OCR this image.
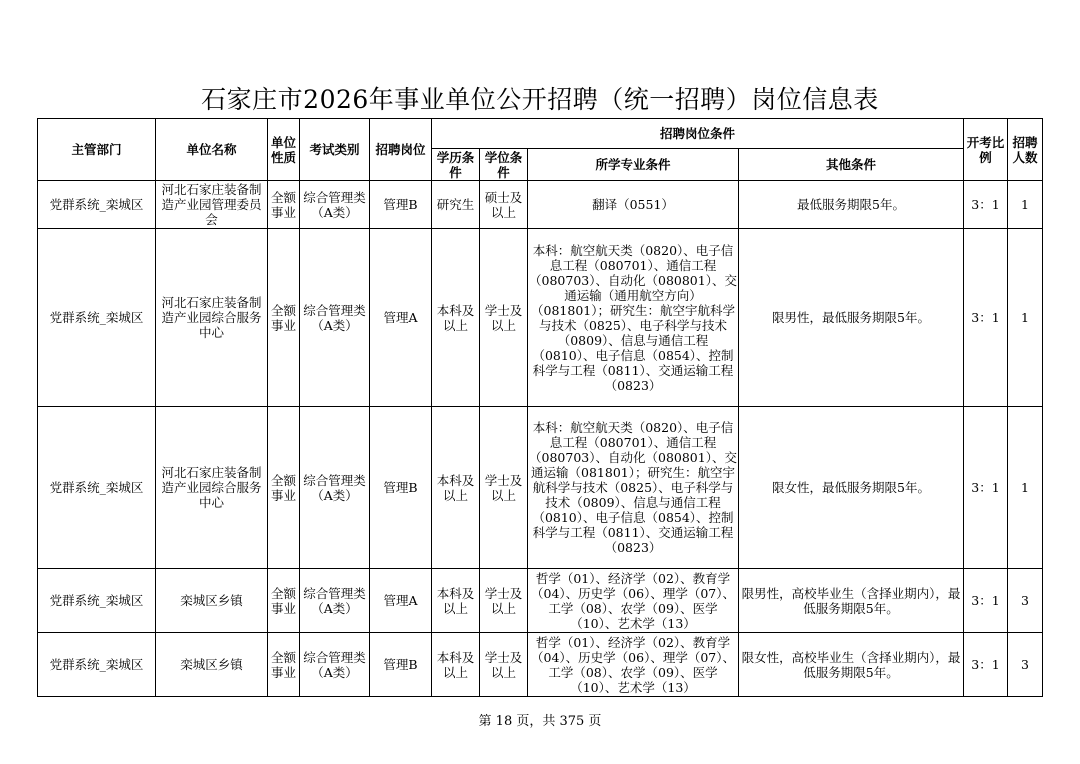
石家庄市2026年事业单位公开招聘（统一招聘）岗位信息表
主管部门	单位名称	单位性质	考试类别	招聘岗位	招聘岗位条件				开考比例	招聘人数
					学历条件	学位条件	所学专业条件	其他条件		
党群系统_栾城区	河北石家庄装备制造产业园管理委员会	全额事业	综合管理类（A类）	管理B	研究生	硕士及以上	翻译（0551）	最低服务期限5年。	3：1	1
党群系统_栾城区	河北石家庄装备制造产业园综合服务中心	全额事业	综合管理类（A类）	管理A	本科及以上	学士及以上	本科：航空航天类（0820）、电子信息工程（080701）、通信工程（080703）、自动化（080801）、交通运输（通用航空方向）（081801）；研究生：航空宇航科学与技术（0825）、电子科学与技术（0809）、信息与通信工程（0810）、电子信息（0854）、控制科学与工程（0811）、交通运输工程（0823）	限男性，最低服务期限5年。	3：1	1
党群系统_栾城区	河北石家庄装备制造产业园综合服务中心	全额事业	综合管理类（A类）	管理B	本科及以上	学士及以上	本科：航空航天类（0820）、电子信息工程（080701）、通信工程（080703）、自动化（080801）、交通运输（081801）；研究生：航空宇航科学与技术（0825）、电子科学与技术（0809）、信息与通信工程（0810）、电子信息（0854）、控制科学与工程（0811）、交通运输工程（0823）	限女性，最低服务期限5年。	3：1	1
党群系统_栾城区	栾城区乡镇	全额事业	综合管理类（A类）	管理A	本科及以上	学士及以上	哲学（01）、经济学（02）、教育学（04）、历史学（06）、理学（07）、工学（08）、农学（09）、医学（10）、艺术学（13）	限男性，高校毕业生（含择业期内），最低服务期限5年。	3：1	3
党群系统_栾城区	栾城区乡镇	全额事业	综合管理类（A类）	管理B	本科及以上	学士及以上	哲学（01）、经济学（02）、教育学（04）、历史学（06）、理学（07）、工学（08）、农学（09）、医学（10）、艺术学（13）	限女性，高校毕业生（含择业期内），最低服务期限5年。	3：1	3
第 18 页，共 375 页
